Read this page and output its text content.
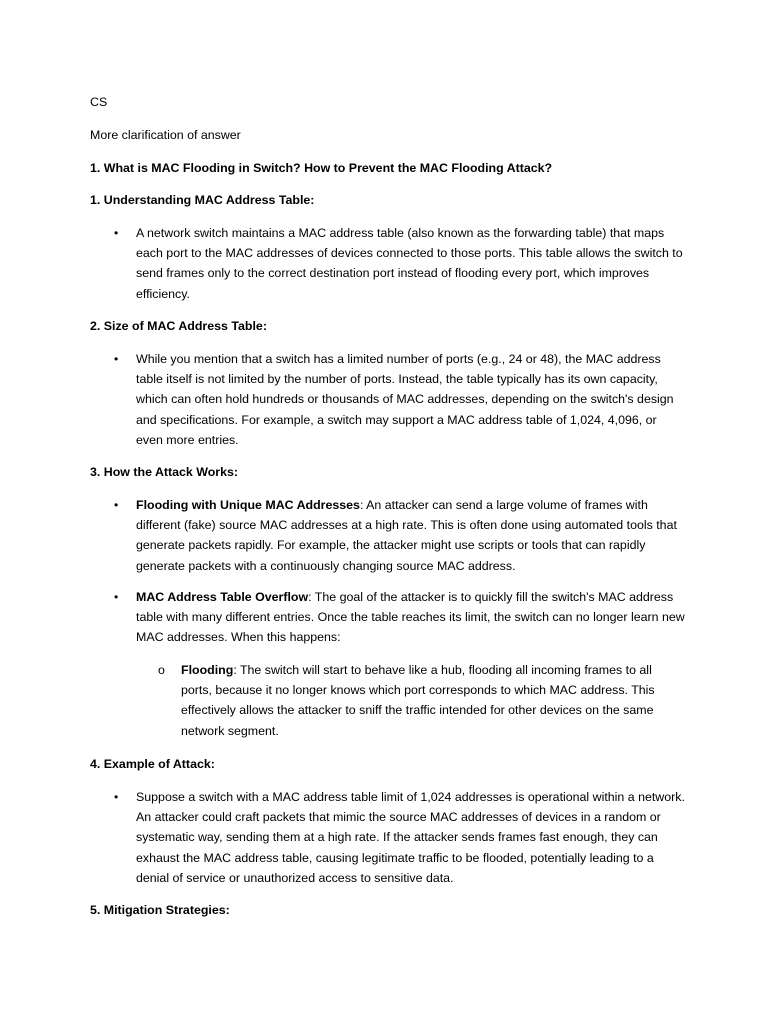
CS

More clarification of answer

1. What is MAC Flooding in Switch? How to Prevent the MAC Flooding Attack?

1. Understanding MAC Address Table:

• A network switch maintains a MAC address table (also known as the forwarding table) that maps each port to the MAC addresses of devices connected to those ports. This table allows the switch to send frames only to the correct destination port instead of flooding every port, which improves efficiency.

2. Size of MAC Address Table:

• While you mention that a switch has a limited number of ports (e.g., 24 or 48), the MAC address table itself is not limited by the number of ports. Instead, the table typically has its own capacity, which can often hold hundreds or thousands of MAC addresses, depending on the switch's design and specifications. For example, a switch may support a MAC address table of 1,024, 4,096, or even more entries.

3. How the Attack Works:

• Flooding with Unique MAC Addresses: An attacker can send a large volume of frames with different (fake) source MAC addresses at a high rate. This is often done using automated tools that generate packets rapidly. For example, the attacker might use scripts or tools that can rapidly generate packets with a continuously changing source MAC address.
• MAC Address Table Overflow: The goal of the attacker is to quickly fill the switch's MAC address table with many different entries. Once the table reaches its limit, the switch can no longer learn new MAC addresses. When this happens:
o Flooding: The switch will start to behave like a hub, flooding all incoming frames to all ports, because it no longer knows which port corresponds to which MAC address. This effectively allows the attacker to sniff the traffic intended for other devices on the same network segment.

4. Example of Attack:

• Suppose a switch with a MAC address table limit of 1,024 addresses is operational within a network. An attacker could craft packets that mimic the source MAC addresses of devices in a random or systematic way, sending them at a high rate. If the attacker sends frames fast enough, they can exhaust the MAC address table, causing legitimate traffic to be flooded, potentially leading to a denial of service or unauthorized access to sensitive data.

5. Mitigation Strategies:
